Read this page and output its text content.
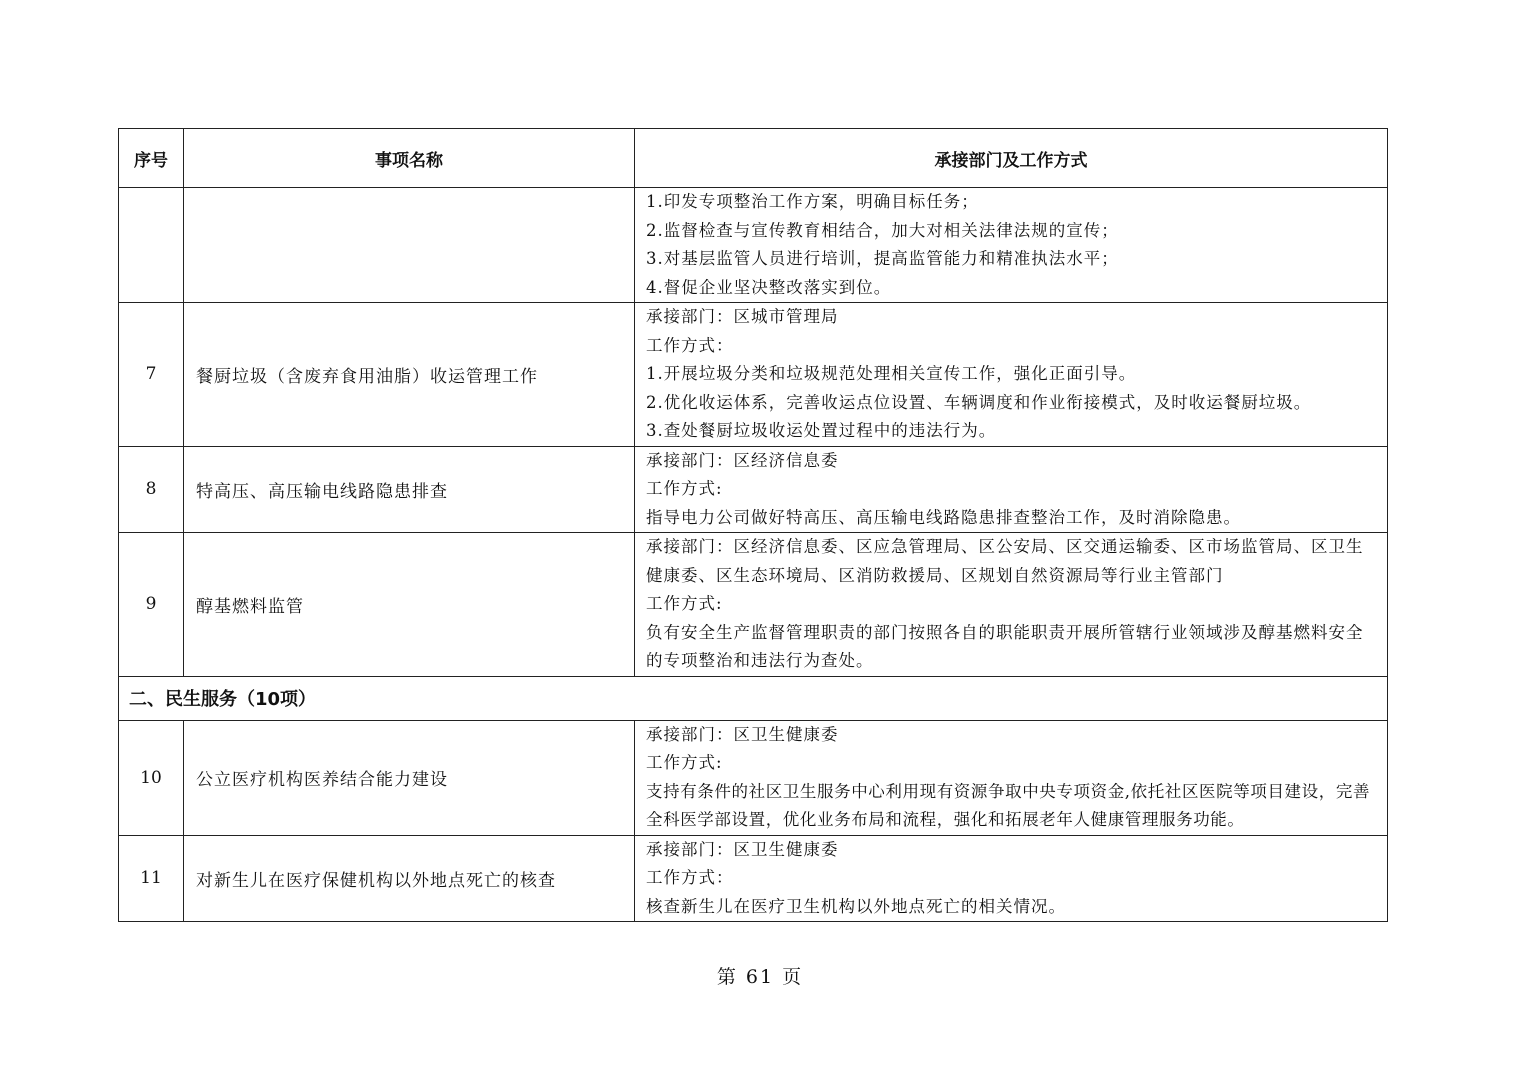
序号	事项名称	承接部门及工作方式

		1.印发专项整治工作方案，明确目标任务；
2.监督检查与宣传教育相结合，加大对相关法律法规的宣传；
3.对基层监管人员进行培训，提高监管能力和精准执法水平；
4.督促企业坚决整改落实到位。

7	餐厨垃圾（含废弃食用油脂）收运管理工作	承接部门：区城市管理局
工作方式：
1.开展垃圾分类和垃圾规范处理相关宣传工作，强化正面引导。
2.优化收运体系，完善收运点位设置、车辆调度和作业衔接模式，及时收运餐厨垃圾。
3.查处餐厨垃圾收运处置过程中的违法行为。

8	特高压、高压输电线路隐患排查	承接部门：区经济信息委
工作方式:
指导电力公司做好特高压、高压输电线路隐患排查整治工作，及时消除隐患。

9	醇基燃料监管	承接部门：区经济信息委、区应急管理局、区公安局、区交通运输委、区市场监管局、区卫生健康委、区生态环境局、区消防救援局、区规划自然资源局等行业主管部门
工作方式:
负有安全生产监督管理职责的部门按照各自的职能职责开展所管辖行业领域涉及醇基燃料安全的专项整治和违法行为查处。

二、民生服务（10项）		
10	公立医疗机构医养结合能力建设	承接部门：区卫生健康委
工作方式:
支持有条件的社区卫生服务中心利用现有资源争取中央专项资金,依托社区医院等项目建设，完善全科医学部设置，优化业务布局和流程，强化和拓展老年人健康管理服务功能。

11	对新生儿在医疗保健机构以外地点死亡的核查	承接部门：区卫生健康委
工作方式：
核查新生儿在医疗卫生机构以外地点死亡的相关情况。
第 61 页
